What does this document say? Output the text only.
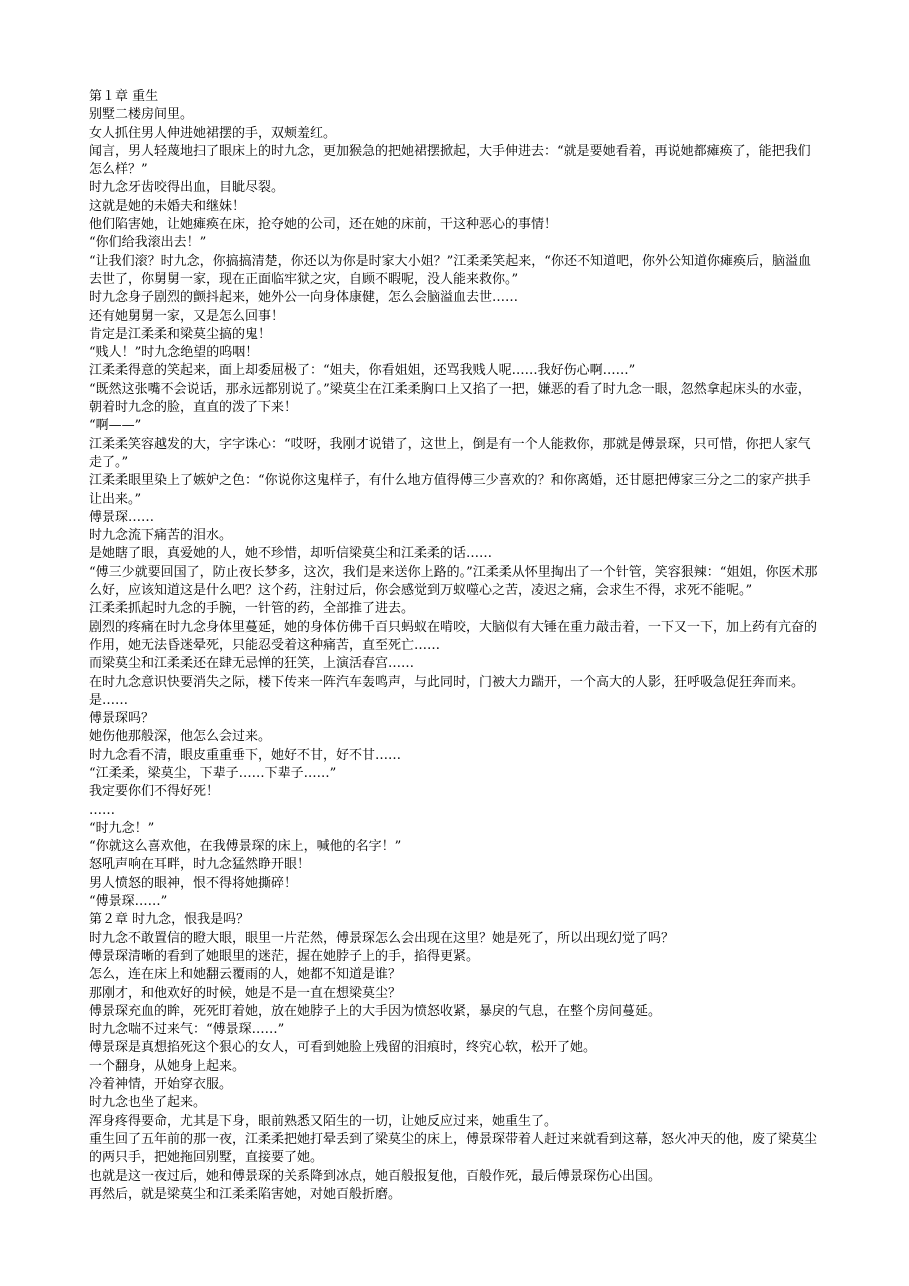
第１章 重生

别墅二楼房间里。

女人抓住男人伸进她裙摆的手，双颊羞红。

闻言，男人轻蔑地扫了眼床上的时九念，更加猴急的把她裙摆掀起，大手伸进去：“就是要她看着，再说她都瘫痪了，能把我们怎么样？”

时九念牙齿咬得出血，目眦尽裂。

这就是她的未婚夫和继妹！

他们陷害她，让她瘫痪在床，抢夺她的公司，还在她的床前，干这种恶心的事情！

“你们给我滚出去！”

“让我们滚？时九念，你搞搞清楚，你还以为你是时家大小姐？”江柔柔笑起来，“你还不知道吧，你外公知道你瘫痪后，脑溢血去世了，你舅舅一家，现在正面临牢狱之灾，自顾不暇呢，没人能来救你。”

时九念身子剧烈的颤抖起来，她外公一向身体康健，怎么会脑溢血去世……

还有她舅舅一家，又是怎么回事！

肯定是江柔柔和梁莫尘搞的鬼！

“贱人！”时九念绝望的呜咽！

江柔柔得意的笑起来，面上却委屈极了：“姐夫，你看姐姐，还骂我贱人呢……我好伤心啊……”

“既然这张嘴不会说话，那永远都别说了。”梁莫尘在江柔柔胸口上又掐了一把，嫌恶的看了时九念一眼，忽然拿起床头的水壶，朝着时九念的脸，直直的泼了下来！

“啊——”

江柔柔笑容越发的大，字字诛心：“哎呀，我刚才说错了，这世上，倒是有一个人能救你，那就是傅景琛，只可惜，你把人家气走了。”

江柔柔眼里染上了嫉妒之色：“你说你这鬼样子，有什么地方值得傅三少喜欢的？和你离婚，还甘愿把傅家三分之二的家产拱手让出来。”

傅景琛……

时九念流下痛苦的泪水。

是她瞎了眼，真爱她的人，她不珍惜，却听信梁莫尘和江柔柔的话……

“傅三少就要回国了，防止夜长梦多，这次，我们是来送你上路的。”江柔柔从怀里掏出了一个针管，笑容狠辣：“姐姐，你医术那么好，应该知道这是什么吧？这个药，注射过后，你会感觉到万蚁噬心之苦，凌迟之痛，会求生不得，求死不能呢。”

江柔柔抓起时九念的手腕，一针管的药，全部推了进去。

剧烈的疼痛在时九念身体里蔓延，她的身体仿佛千百只蚂蚁在啃咬，大脑似有大锤在重力敲击着，一下又一下，加上药有亢奋的作用，她无法昏迷晕死，只能忍受着这种痛苦，直至死亡……

而梁莫尘和江柔柔还在肆无忌惮的狂笑，上演活春宫……

在时九念意识快要消失之际，楼下传来一阵汽车轰鸣声，与此同时，门被大力踹开，一个高大的人影，狂呼吸急促狂奔而来。

是……

傅景琛吗？

她伤他那般深，他怎么会过来。

时九念看不清，眼皮重重垂下，她好不甘，好不甘……

“江柔柔，梁莫尘，下辈子……下辈子……”

我定要你们不得好死！

……

“时九念！”

“你就这么喜欢他，在我傅景琛的床上，喊他的名字！”

怒吼声响在耳畔，时九念猛然睁开眼！

男人愤怒的眼神，恨不得将她撕碎！

“傅景琛……”

第２章 时九念，恨我是吗？

时九念不敢置信的瞪大眼，眼里一片茫然，傅景琛怎么会出现在这里？她是死了，所以出现幻觉了吗？

傅景琛清晰的看到了她眼里的迷茫，握在她脖子上的手，掐得更紧。

怎么，连在床上和她翻云覆雨的人，她都不知道是谁？

那刚才，和他欢好的时候，她是不是一直在想梁莫尘？

傅景琛充血的眸，死死盯着她，放在她脖子上的大手因为愤怒收紧，暴戾的气息，在整个房间蔓延。

时九念喘不过来气：“傅景琛……”

傅景琛是真想掐死这个狠心的女人，可看到她脸上残留的泪痕时，终究心软，松开了她。

一个翻身，从她身上起来。

冷着神情，开始穿衣服。

时九念也坐了起来。

浑身疼得要命，尤其是下身，眼前熟悉又陌生的一切，让她反应过来，她重生了。

重生回了五年前的那一夜，江柔柔把她打晕丢到了梁莫尘的床上，傅景琛带着人赶过来就看到这幕，怒火冲天的他，废了梁莫尘的两只手，把她拖回别墅，直接要了她。

也就是这一夜过后，她和傅景琛的关系降到冰点，她百般报复他，百般作死，最后傅景琛伤心出国。

再然后，就是梁莫尘和江柔柔陷害她，对她百般折磨。
